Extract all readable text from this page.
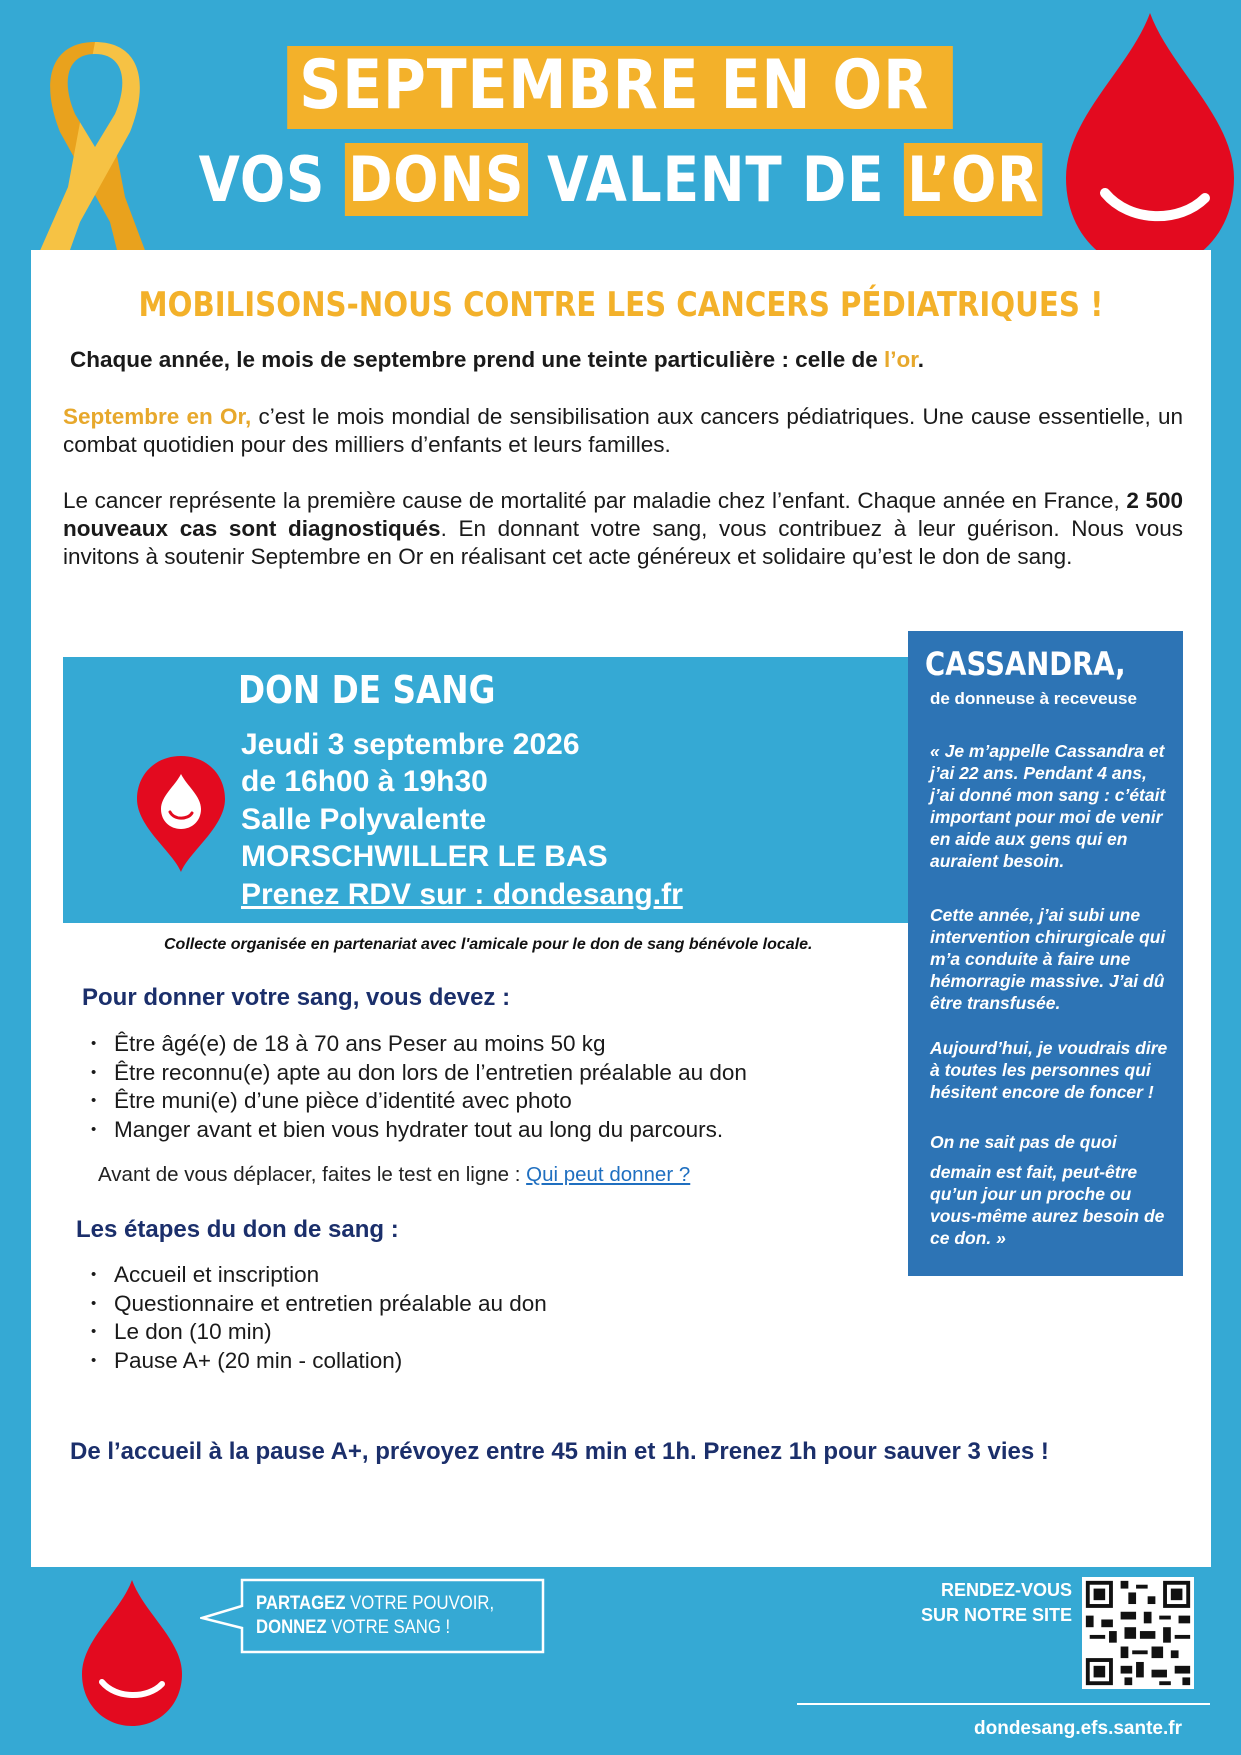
SEPTEMBRE EN OR
VOS DONS VALENT DE L’OR
MOBILISONS-NOUS CONTRE LES CANCERS PÉDIATRIQUES !
Chaque année, le mois de septembre prend une teinte particulière : celle de l’or.
Septembre en Or, c’est le mois mondial de sensibilisation aux cancers pédiatriques. Une cause essentielle, un combat quotidien pour des milliers d’enfants et leurs familles.
Le cancer représente la première cause de mortalité par maladie chez l’enfant. Chaque année en France, 2 500 nouveaux cas sont diagnostiqués. En donnant votre sang, vous contribuez à leur guérison. Nous vous invitons à soutenir Septembre en Or en réalisant cet acte généreux et solidaire qu’est le don de sang.
DON DE SANG
Jeudi 3 septembre 2026
de 16h00 à 19h30
Salle Polyvalente
MORSCHWILLER LE BAS
Prenez RDV sur : dondesang.fr
Collecte organisée en partenariat avec l'amicale pour le don de sang bénévole locale.
CASSANDRA,
de donneuse à receveuse
« Je m’appelle Cassandra et j’ai 22 ans. Pendant 4 ans, j’ai donné mon sang : c’était important pour moi de venir en aide aux gens qui en auraient besoin.
Cette année, j’ai subi une intervention chirurgicale qui m’a conduite à faire une hémorragie massive. J’ai dû être transfusée.
Aujourd’hui, je voudrais dire à toutes les personnes qui hésitent encore de foncer !
On ne sait pas de quoi
demain est fait, peut-être qu’un jour un proche ou vous-même aurez besoin de ce don. »
Pour donner votre sang, vous devez :
• Être âgé(e) de 18 à 70 ans Peser au moins 50 kg
• Être reconnu(e) apte au don lors de l’entretien préalable au don
• Être muni(e) d’une pièce d’identité avec photo
• Manger avant et bien vous hydrater tout au long du parcours.
Avant de vous déplacer, faites le test en ligne : Qui peut donner ?
Les étapes du don de sang :
• Accueil et inscription
• Questionnaire et entretien préalable au don
• Le don (10 min)
• Pause A+ (20 min - collation)
De l’accueil à la pause A+, prévoyez entre 45 min et 1h. Prenez 1h pour sauver 3 vies !
PARTAGEZ VOTRE POUVOIR,
DONNEZ VOTRE SANG !
RENDEZ-VOUS
SUR NOTRE SITE
dondesang.efs.sante.fr
